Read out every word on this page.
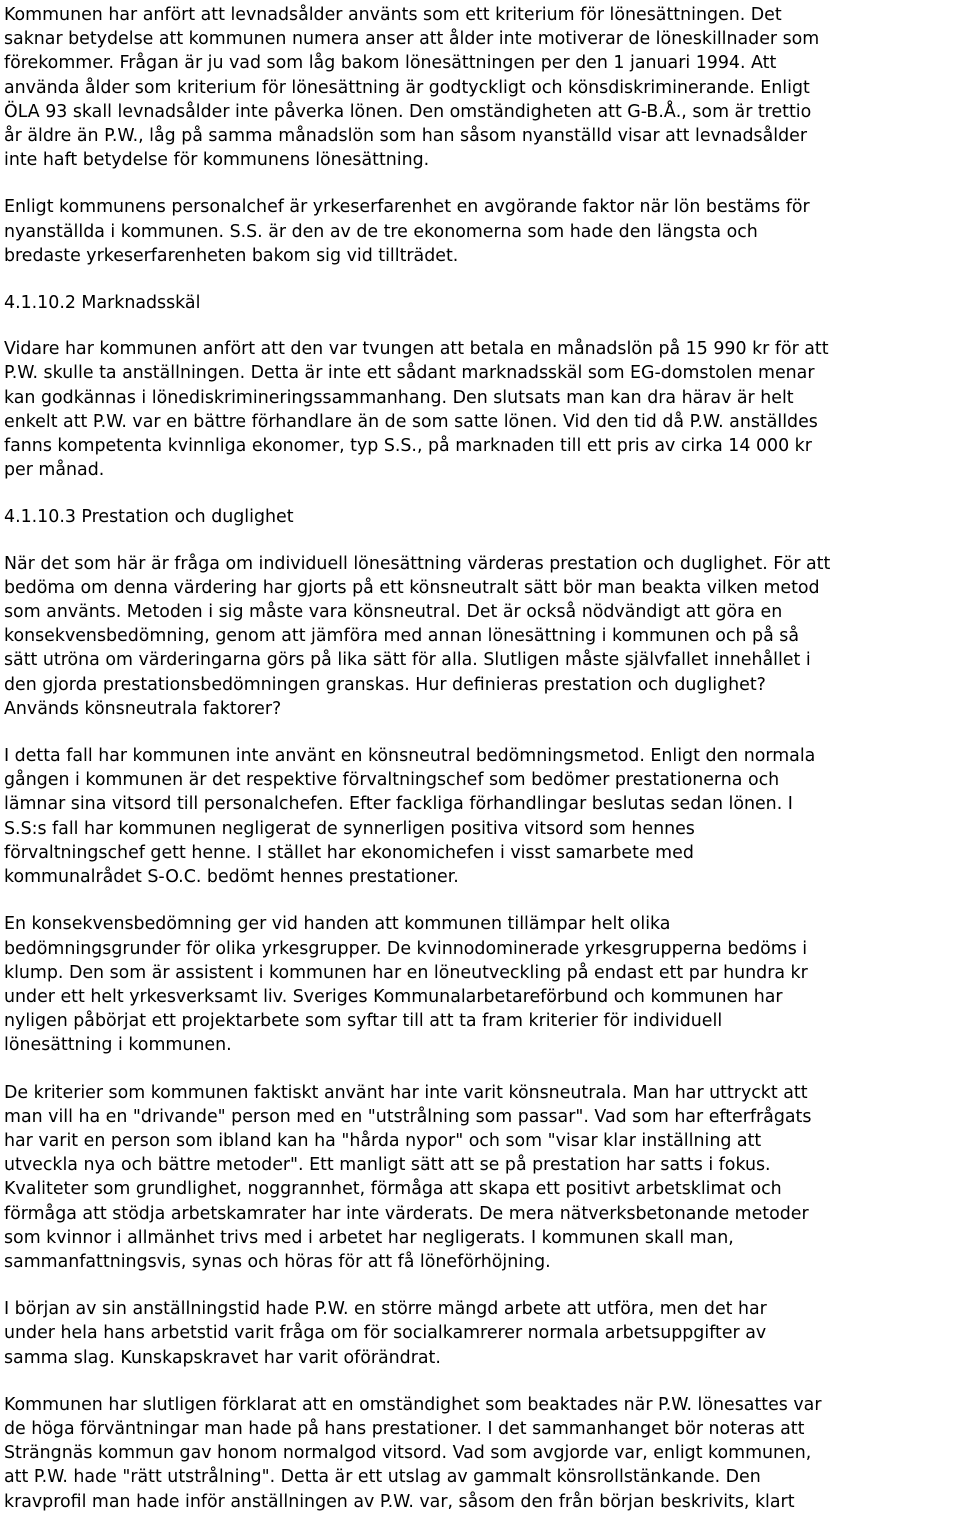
Kommunen har anfört att levnadsålder använts som ett kriterium för lönesättningen. Det
saknar betydelse att kommunen numera anser att ålder inte motiverar de löneskillnader som
förekommer. Frågan är ju vad som låg bakom lönesättningen per den 1 januari 1994. Att
använda ålder som kriterium för lönesättning är godtyckligt och könsdiskriminerande. Enligt
ÖLA 93 skall levnadsålder inte påverka lönen. Den omständigheten att G-B.Å., som är trettio
år äldre än P.W., låg på samma månadslön som han såsom nyanställd visar att levnadsålder
inte haft betydelse för kommunens lönesättning.

Enligt kommunens personalchef är yrkeserfarenhet en avgörande faktor när lön bestäms för
nyanställda i kommunen. S.S. är den av de tre ekonomerna som hade den längsta och
bredaste yrkeserfarenheten bakom sig vid tillträdet.

4.1.10.2 Marknadsskäl

Vidare har kommunen anfört att den var tvungen att betala en månadslön på 15 990 kr för att
P.W. skulle ta anställningen. Detta är inte ett sådant marknadsskäl som EG-domstolen menar
kan godkännas i lönediskrimineringssammanhang. Den slutsats man kan dra härav är helt
enkelt att P.W. var en bättre förhandlare än de som satte lönen. Vid den tid då P.W. anställdes
fanns kompetenta kvinnliga ekonomer, typ S.S., på marknaden till ett pris av cirka 14 000 kr
per månad.

4.1.10.3 Prestation och duglighet

När det som här är fråga om individuell lönesättning värderas prestation och duglighet. För att
bedöma om denna värdering har gjorts på ett könsneutralt sätt bör man beakta vilken metod
som använts. Metoden i sig måste vara könsneutral. Det är också nödvändigt att göra en
konsekvensbedömning, genom att jämföra med annan lönesättning i kommunen och på så
sätt utröna om värderingarna görs på lika sätt för alla. Slutligen måste självfallet innehållet i
den gjorda prestationsbedömningen granskas. Hur definieras prestation och duglighet?
Används könsneutrala faktorer?

I detta fall har kommunen inte använt en könsneutral bedömningsmetod. Enligt den normala
gången i kommunen är det respektive förvaltningschef som bedömer prestationerna och
lämnar sina vitsord till personalchefen. Efter fackliga förhandlingar beslutas sedan lönen. I
S.S:s fall har kommunen negligerat de synnerligen positiva vitsord som hennes
förvaltningschef gett henne. I stället har ekonomichefen i visst samarbete med
kommunalrådet S-O.C. bedömt hennes prestationer.

En konsekvensbedömning ger vid handen att kommunen tillämpar helt olika
bedömningsgrunder för olika yrkesgrupper. De kvinnodominerade yrkesgrupperna bedöms i
klump. Den som är assistent i kommunen har en löneutveckling på endast ett par hundra kr
under ett helt yrkesverksamt liv. Sveriges Kommunalarbetareförbund och kommunen har
nyligen påbörjat ett projektarbete som syftar till att ta fram kriterier för individuell
lönesättning i kommunen.

De kriterier som kommunen faktiskt använt har inte varit könsneutrala. Man har uttryckt att
man vill ha en "drivande" person med en "utstrålning som passar". Vad som har efterfrågats
har varit en person som ibland kan ha "hårda nypor" och som "visar klar inställning att
utveckla nya och bättre metoder". Ett manligt sätt att se på prestation har satts i fokus.
Kvaliteter som grundlighet, noggrannhet, förmåga att skapa ett positivt arbetsklimat och
förmåga att stödja arbetskamrater har inte värderats. De mera nätverksbetonande metoder
som kvinnor i allmänhet trivs med i arbetet har negligerats. I kommunen skall man,
sammanfattningsvis, synas och höras för att få löneförhöjning.

I början av sin anställningstid hade P.W. en större mängd arbete att utföra, men det har
under hela hans arbetstid varit fråga om för socialkamrerer normala arbetsuppgifter av
samma slag. Kunskapskravet har varit oförändrat.

Kommunen har slutligen förklarat att en omständighet som beaktades när P.W. lönesattes var
de höga förväntningar man hade på hans prestationer. I det sammanhanget bör noteras att
Strängnäs kommun gav honom normalgod vitsord. Vad som avgjorde var, enligt kommunen,
att P.W. hade "rätt utstrålning". Detta är ett utslag av gammalt könsrollstänkande. Den
kravprofil man hade inför anställningen av P.W. var, såsom den från början beskrivits, klart
